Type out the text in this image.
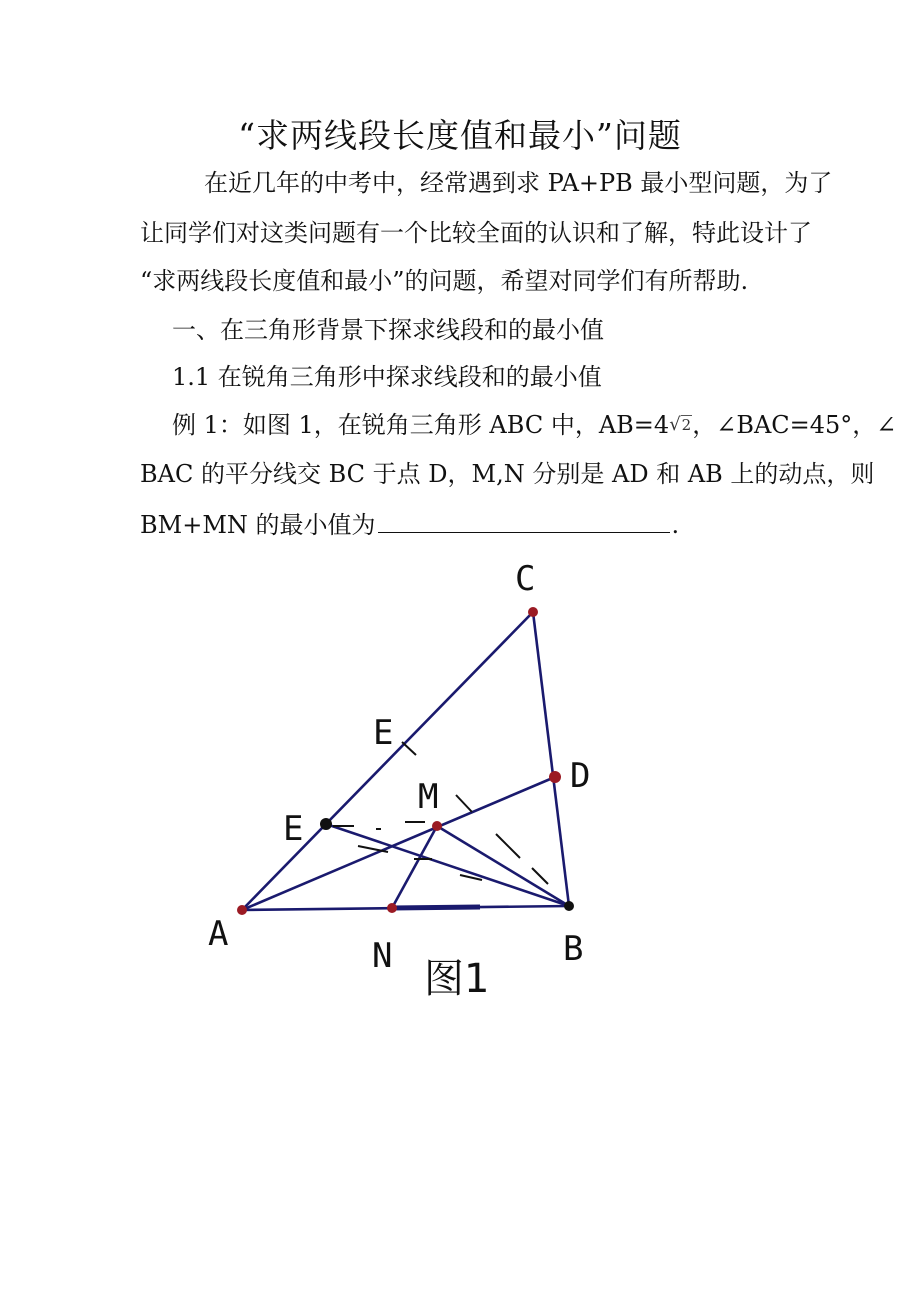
“求两线段长度值和最小”问题
在近几年的中考中，经常遇到求 PA+PB 最小型问题，为了
让同学们对这类问题有一个比较全面的认识和了解，特此设计了
“求两线段长度值和最小”的问题，希望对同学们有所帮助.
一、在三角形背景下探求线段和的最小值
1.1 在锐角三角形中探求线段和的最小值
例 1：如图 1，在锐角三角形 ABC 中，AB=4√2，∠BAC=45°，∠
BAC 的平分线交 BC 于点 D，M,N 分别是 AD 和 AB 上的动点，则
BM+MN 的最小值为	.
C
E
D
M
E
A
N	B
图1
